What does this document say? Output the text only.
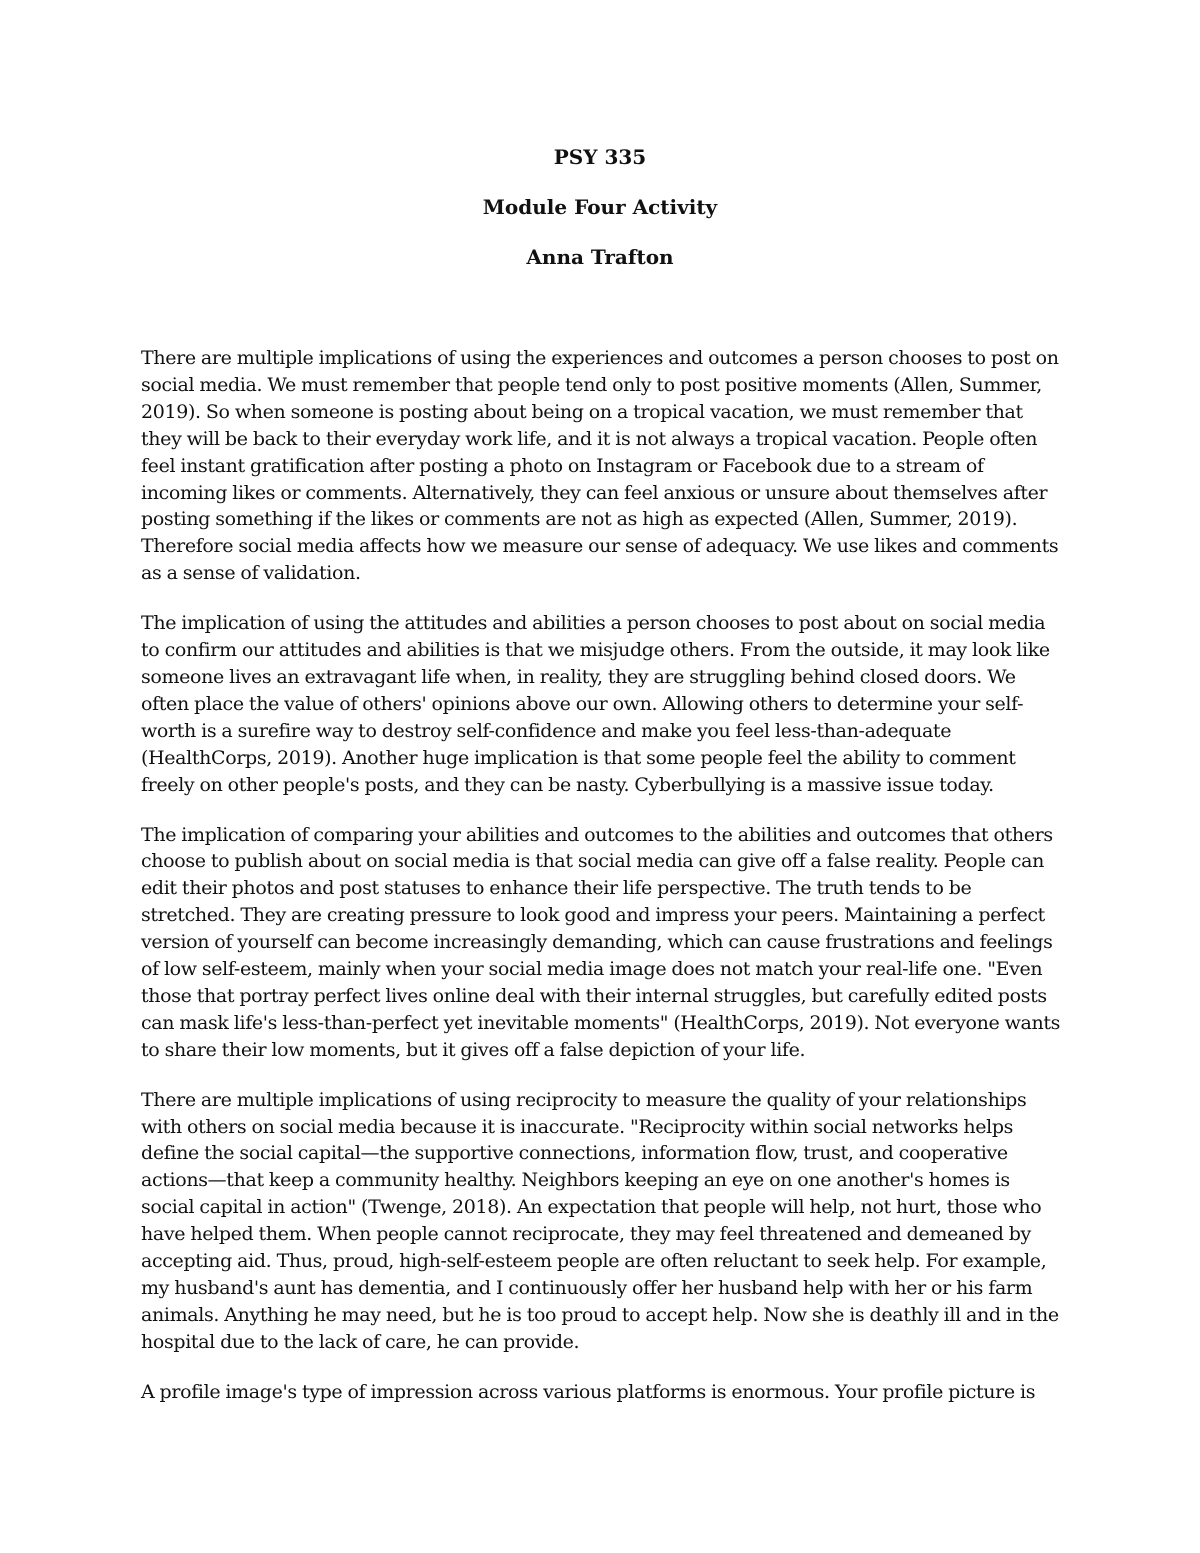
PSY 335
Module Four Activity
Anna Trafton

There are multiple implications of using the experiences and outcomes a person chooses to post on social media. We must remember that people tend only to post positive moments (Allen, Summer, 2019). So when someone is posting about being on a tropical vacation, we must remember that they will be back to their everyday work life, and it is not always a tropical vacation. People often feel instant gratification after posting a photo on Instagram or Facebook due to a stream of incoming likes or comments. Alternatively, they can feel anxious or unsure about themselves after posting something if the likes or comments are not as high as expected (Allen, Summer, 2019). Therefore social media affects how we measure our sense of adequacy. We use likes and comments as a sense of validation.

The implication of using the attitudes and abilities a person chooses to post about on social media to confirm our attitudes and abilities is that we misjudge others. From the outside, it may look like someone lives an extravagant life when, in reality, they are struggling behind closed doors. We often place the value of others' opinions above our own. Allowing others to determine your self-worth is a surefire way to destroy self-confidence and make you feel less-than-adequate (HealthCorps, 2019). Another huge implication is that some people feel the ability to comment freely on other people's posts, and they can be nasty. Cyberbullying is a massive issue today.

The implication of comparing your abilities and outcomes to the abilities and outcomes that others choose to publish about on social media is that social media can give off a false reality. People can edit their photos and post statuses to enhance their life perspective. The truth tends to be stretched. They are creating pressure to look good and impress your peers. Maintaining a perfect version of yourself can become increasingly demanding, which can cause frustrations and feelings of low self-esteem, mainly when your social media image does not match your real-life one. "Even those that portray perfect lives online deal with their internal struggles, but carefully edited posts can mask life's less-than-perfect yet inevitable moments" (HealthCorps, 2019). Not everyone wants to share their low moments, but it gives off a false depiction of your life.

There are multiple implications of using reciprocity to measure the quality of your relationships with others on social media because it is inaccurate. "Reciprocity within social networks helps define the social capital—the supportive connections, information flow, trust, and cooperative actions—that keep a community healthy. Neighbors keeping an eye on one another's homes is social capital in action" (Twenge, 2018). An expectation that people will help, not hurt, those who have helped them. When people cannot reciprocate, they may feel threatened and demeaned by accepting aid. Thus, proud, high-self-esteem people are often reluctant to seek help. For example, my husband's aunt has dementia, and I continuously offer her husband help with her or his farm animals. Anything he may need, but he is too proud to accept help. Now she is deathly ill and in the hospital due to the lack of care, he can provide.

A profile image's type of impression across various platforms is enormous. Your profile picture is
